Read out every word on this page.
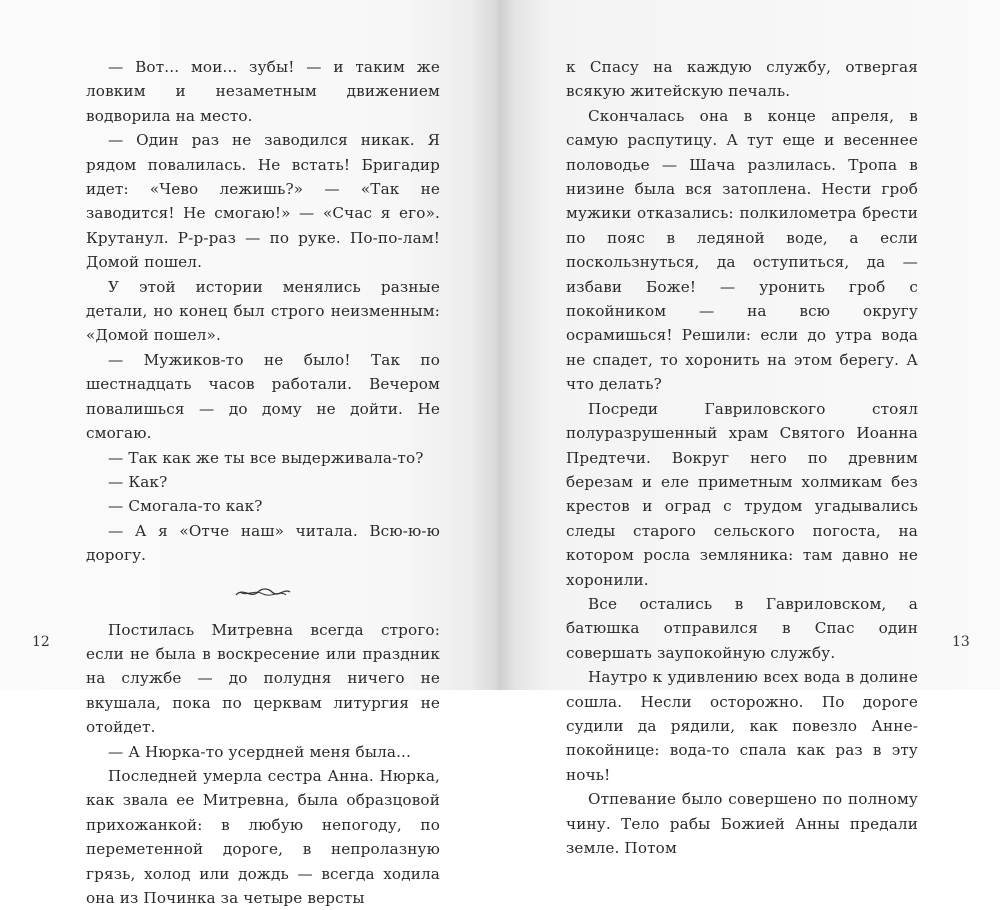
— Вот... мои... зубы! — и таким же ловким и незаметным движением водворила на место.

— Один раз не заводился никак. Я рядом повалилась. Не встать! Бригадир идет: «Чево лежишь?» — «Так не заводится! Не смогаю!» — «Счас я его». Крутанул. Р-р-раз — по руке. По-по-лам! Домой пошел.

У этой истории менялись разные детали, но конец был строго неизменным: «Домой пошел».

— Мужиков-то не было! Так по шестнадцать часов работали. Вечером повалишься — до дому не дойти. Не смогаю.

— Так как же ты все выдерживала-то?

— Как?

— Смогала-то как?

— А я «Отче наш» читала. Всю-ю-ю дорогу.

Постилась Митревна всегда строго: если не была в воскресение или праздник на службе — до полудня ничего не вкушала, пока по церквам литургия не отойдет.

— А Нюрка-то усердней меня была...

Последней умерла сестра Анна. Нюрка, как звала ее Митревна, была образцовой прихожанкой: в любую непогоду, по переметенной дороге, в непролазную грязь, холод или дождь — всегда ходила она из Починка за четыре версты

12

к Спасу на каждую службу, отвергая всякую житейскую печаль.

Скончалась она в конце апреля, в самую распутицу. А тут еще и весеннее половодье — Шача разлилась. Тропа в низине была вся затоплена. Нести гроб мужики отказались: полкилометра брести по пояс в ледяной воде, а если поскользнуться, да оступиться, да — избави Боже! — уронить гроб с покойником — на всю округу осрамишься! Решили: если до утра вода не спадет, то хоронить на этом берегу. А что делать?

Посреди Гавриловского стоял полуразрушенный храм Святого Иоанна Предтечи. Вокруг него по древним березам и еле приметным холмикам без крестов и оград с трудом угадывались следы старого сельского погоста, на котором росла земляника: там давно не хоронили.

Все остались в Гавриловском, а батюшка отправился в Спас один совершать заупокойную службу.

Наутро к удивлению всех вода в долине сошла. Несли осторожно. По дороге судили да рядили, как повезло Анне-покойнице: вода-то спала как раз в эту ночь!

Отпевание было совершено по полному чину. Тело рабы Божией Анны предали земле. Потом

13
